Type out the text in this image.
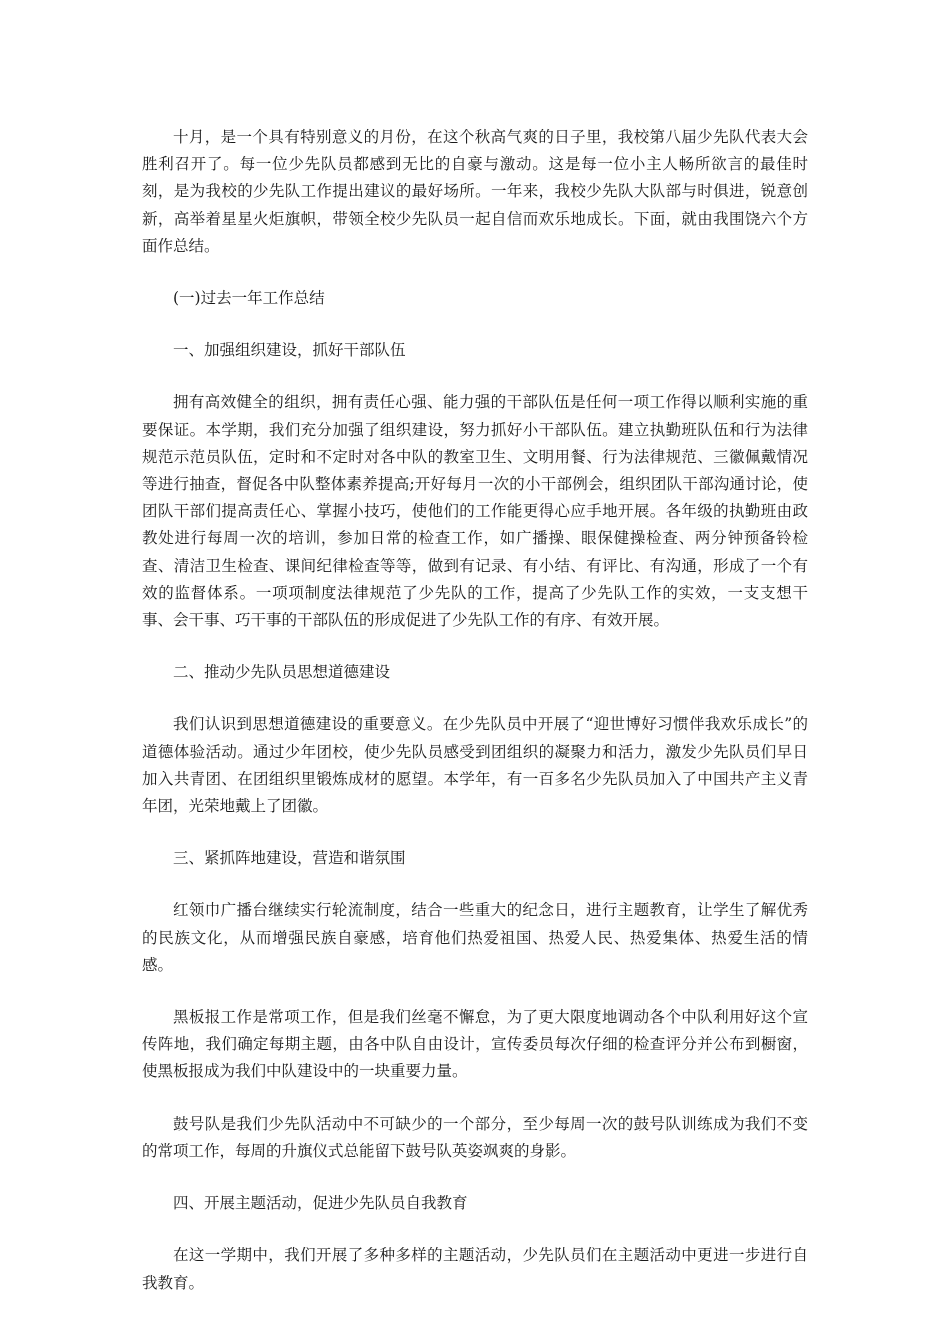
十月，是一个具有特别意义的月份，在这个秋高气爽的日子里，我校第八届少先队代表大会胜利召开了。每一位少先队员都感到无比的自豪与激动。这是每一位小主人畅所欲言的最佳时刻，是为我校的少先队工作提出建议的最好场所。一年来，我校少先队大队部与时俱进，锐意创新，高举着星星火炬旗帜，带领全校少先队员一起自信而欢乐地成长。下面，就由我围饶六个方面作总结。

(一)过去一年工作总结

一、加强组织建设，抓好干部队伍

拥有高效健全的组织，拥有责任心强、能力强的干部队伍是任何一项工作得以顺利实施的重要保证。本学期，我们充分加强了组织建设，努力抓好小干部队伍。建立执勤班队伍和行为法律规范示范员队伍，定时和不定时对各中队的教室卫生、文明用餐、行为法律规范、三徽佩戴情况等进行抽查，督促各中队整体素养提高;开好每月一次的小干部例会，组织团队干部沟通讨论，使团队干部们提高责任心、掌握小技巧，使他们的工作能更得心应手地开展。各年级的执勤班由政教处进行每周一次的培训，参加日常的检查工作，如广播操、眼保健操检查、两分钟预备铃检查、清洁卫生检查、课间纪律检查等等，做到有记录、有小结、有评比、有沟通，形成了一个有效的监督体系。一项项制度法律规范了少先队的工作，提高了少先队工作的实效，一支支想干事、会干事、巧干事的干部队伍的形成促进了少先队工作的有序、有效开展。

二、推动少先队员思想道德建设

我们认识到思想道德建设的重要意义。在少先队员中开展了“迎世博好习惯伴我欢乐成长”的道德体验活动。通过少年团校，使少先队员感受到团组织的凝聚力和活力，激发少先队员们早日加入共青团、在团组织里锻炼成材的愿望。本学年，有一百多名少先队员加入了中国共产主义青年团，光荣地戴上了团徽。

三、紧抓阵地建设，营造和谐氛围

红领巾广播台继续实行轮流制度，结合一些重大的纪念日，进行主题教育，让学生了解优秀的民族文化，从而增强民族自豪感，培育他们热爱祖国、热爱人民、热爱集体、热爱生活的情感。

黑板报工作是常项工作，但是我们丝毫不懈怠，为了更大限度地调动各个中队利用好这个宣传阵地，我们确定每期主题，由各中队自由设计，宣传委员每次仔细的检查评分并公布到橱窗，使黑板报成为我们中队建设中的一块重要力量。

鼓号队是我们少先队活动中不可缺少的一个部分，至少每周一次的鼓号队训练成为我们不变的常项工作，每周的升旗仪式总能留下鼓号队英姿飒爽的身影。

四、开展主题活动，促进少先队员自我教育

在这一学期中，我们开展了多种多样的主题活动，少先队员们在主题活动中更进一步进行自我教育。
